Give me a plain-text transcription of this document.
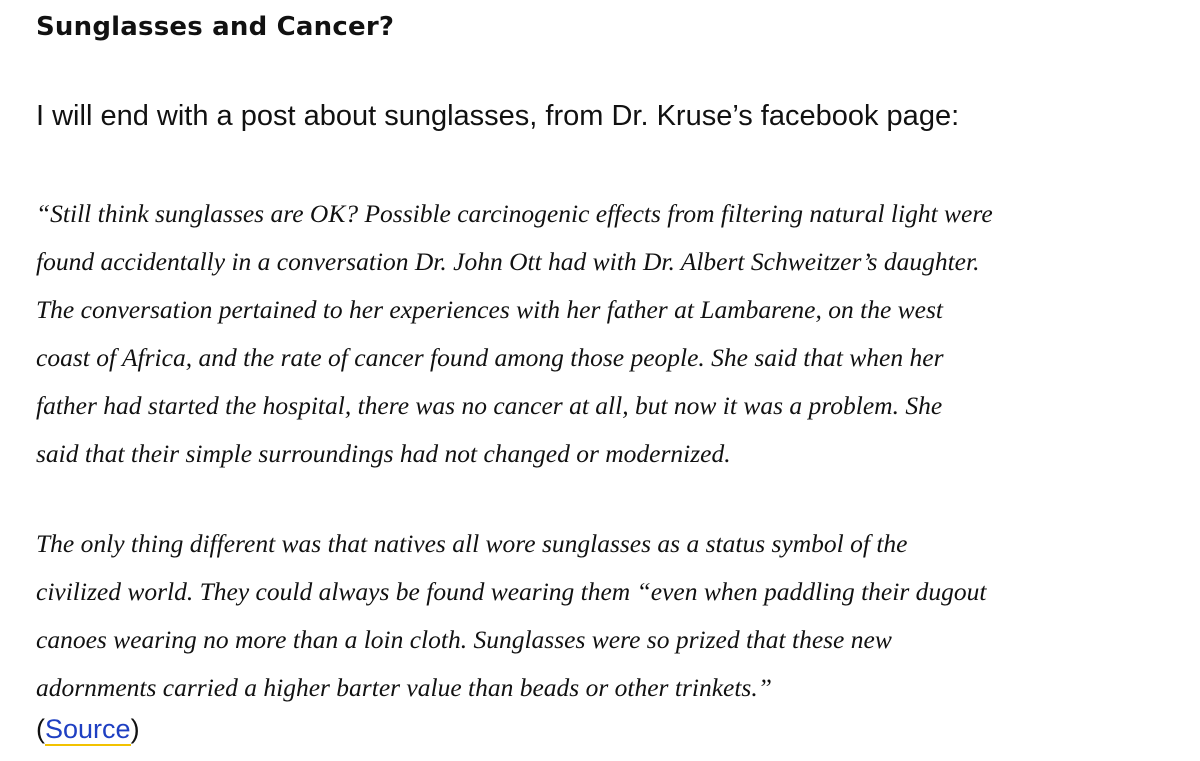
Sunglasses and Cancer?

I will end with a post about sunglasses, from Dr. Kruse’s facebook page:

“Still think sunglasses are OK? Possible carcinogenic effects from filtering natural light were
found accidentally in a conversation Dr. John Ott had with Dr. Albert Schweitzer’s daughter.
The conversation pertained to her experiences with her father at Lambarene, on the west
coast of Africa, and the rate of cancer found among those people. She said that when her
father had started the hospital, there was no cancer at all, but now it was a problem. She
said that their simple surroundings had not changed or modernized.

The only thing different was that natives all wore sunglasses as a status symbol of the
civilized world. They could always be found wearing them “even when paddling their dugout
canoes wearing no more than a loin cloth. Sunglasses were so prized that these new
adornments carried a higher barter value than beads or other trinkets.”

(Source)
